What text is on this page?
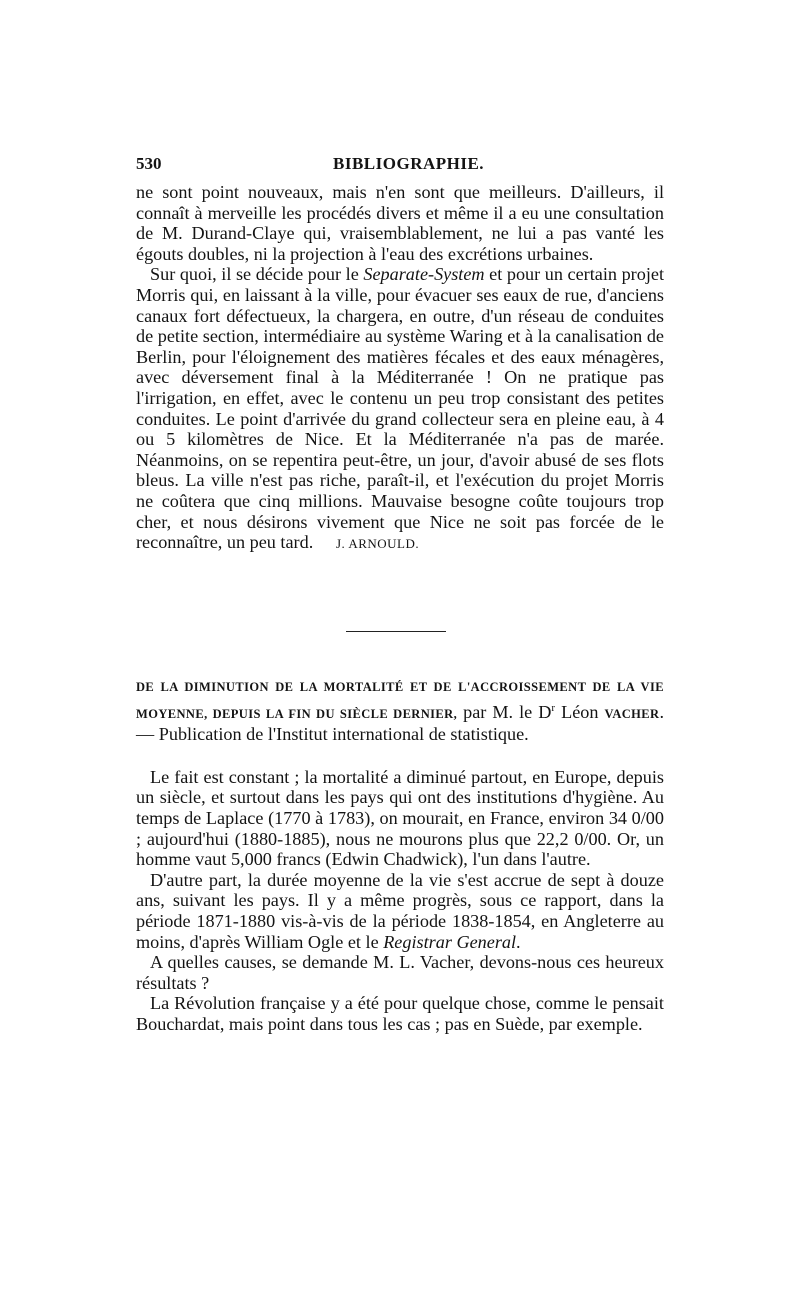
530	BIBLIOGRAPHIE.

ne sont point nouveaux, mais n'en sont que meilleurs. D'ailleurs, il connaît à merveille les procédés divers et même il a eu une consultation de M. Durand-Claye qui, vraisemblablement, ne lui a pas vanté les égouts doubles, ni la projection à l'eau des excrétions urbaines.

Sur quoi, il se décide pour le Separate-System et pour un certain projet Morris qui, en laissant à la ville, pour évacuer ses eaux de rue, d'anciens canaux fort défectueux, la chargera, en outre, d'un réseau de conduites de petite section, intermédiaire au système Waring et à la canalisation de Berlin, pour l'éloignement des matières fécales et des eaux ménagères, avec déversement final à la Méditerranée ! On ne pratique pas l'irrigation, en effet, avec le contenu un peu trop consistant des petites conduites. Le point d'arrivée du grand collecteur sera en pleine eau, à 4 ou 5 kilomètres de Nice. Et la Méditerranée n'a pas de marée. Néanmoins, on se repentira peut-être, un jour, d'avoir abusé de ses flots bleus. La ville n'est pas riche, paraît-il, et l'exécution du projet Morris ne coûtera que cinq millions. Mauvaise besogne coûte toujours trop cher, et nous désirons vivement que Nice ne soit pas forcée de le reconnaître, un peu tard. J. ARNOULD.

DE LA DIMINUTION DE LA MORTALITÉ ET DE L'ACCROISSEMENT DE LA VIE MOYENNE, DEPUIS LA FIN DU SIÈCLE DERNIER, par M. le $D^r$ Léon VACHER. — Publication de l'Institut international de statistique.

Le fait est constant ; la mortalité a diminué partout, en Europe, depuis un siècle, et surtout dans les pays qui ont des institutions d'hygiène. Au temps de Laplace (1770 à 1783), on mourait, en France, environ 34 0/00 ; aujourd'hui (1880-1885), nous ne mourons plus que 22,2 0/00. Or, un homme vaut 5,000 francs (Edwin Chadwick), l'un dans l'autre.

D'autre part, la durée moyenne de la vie s'est accrue de sept à douze ans, suivant les pays. Il y a même progrès, sous ce rapport, dans la période 1871-1880 vis-à-vis de la période 1838-1854, en Angleterre au moins, d'après William Ogle et le Registrar General.

A quelles causes, se demande M. L. Vacher, devons-nous ces heureux résultats ?

La Révolution française y a été pour quelque chose, comme le pensait Bouchardat, mais point dans tous les cas ; pas en Suède, par exemple.
